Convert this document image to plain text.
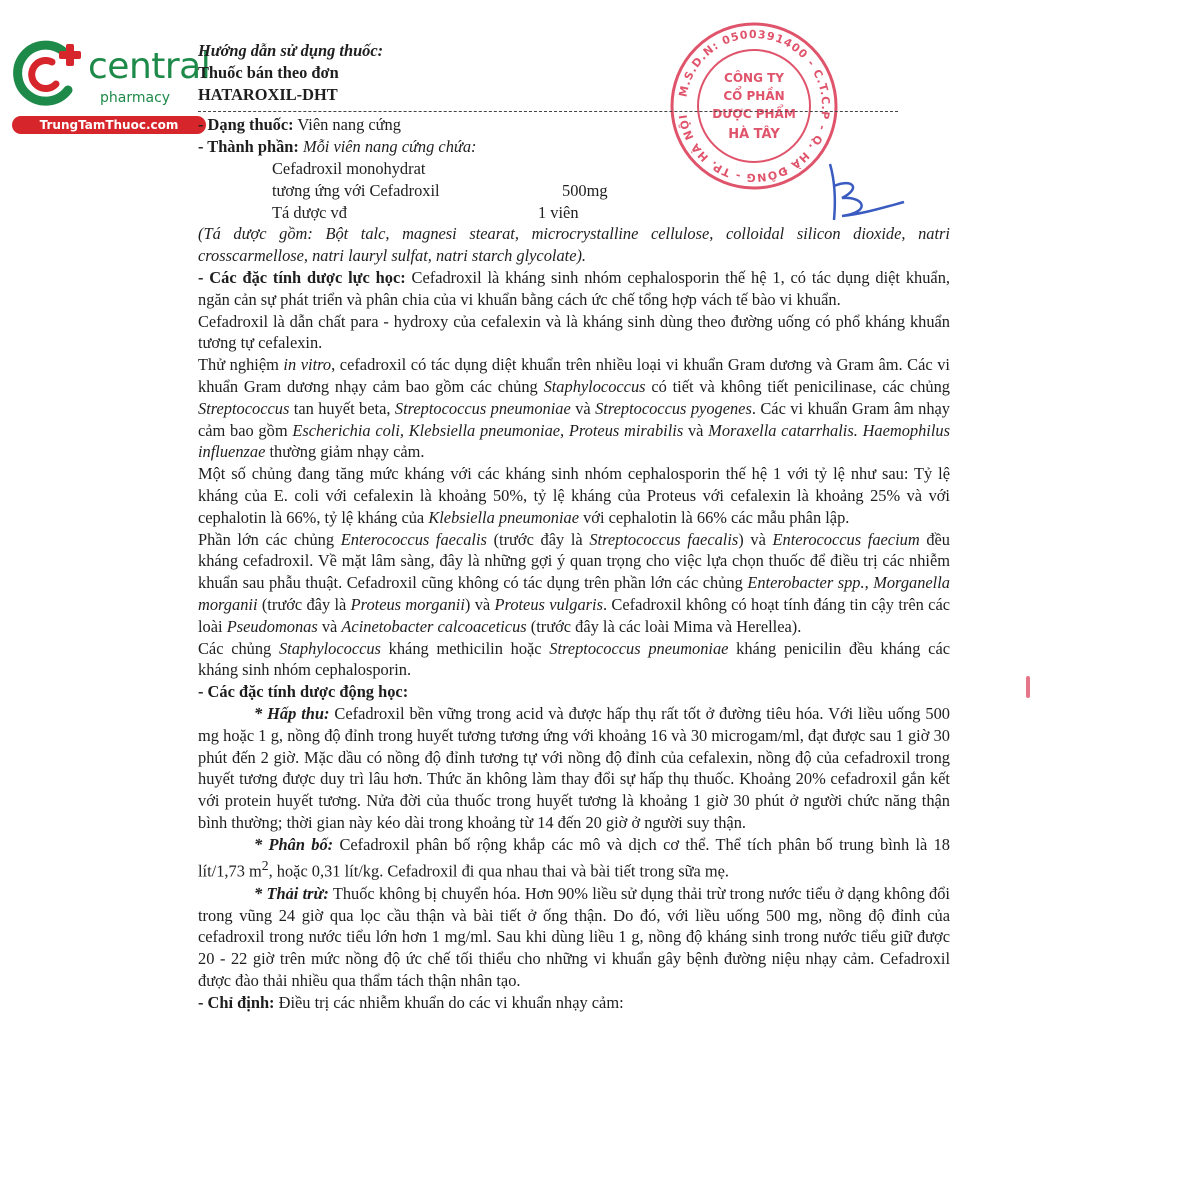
central
pharmacy
TrungTamThuoc.com
M.S.D.N: 0500391400 - C.T.C.P - Q. HÀ ĐÔNG - TP. HÀ NỘI
CÔNG TY
CỔ PHẦN
DƯỢC PHẨM
HÀ TÂY

Hướng dẫn sử dụng thuốc:

Thuốc bán theo đơn

HATAROXIL-DHT

- Dạng thuốc: Viên nang cứng

- Thành phần: Mỗi viên nang cứng chứa:

Cefadroxil monohydrat

tương ứng với Cefadroxil	500mg
Tá dược vđ	1 viên

(Tá dược gồm: Bột talc, magnesi stearat, microcrystalline cellulose, colloidal silicon dioxide, natri crosscarmellose, natri lauryl sulfat, natri starch glycolate).

- Các đặc tính dược lực học: Cefadroxil là kháng sinh nhóm cephalosporin thế hệ 1, có tác dụng diệt khuẩn, ngăn cản sự phát triển và phân chia của vi khuẩn bằng cách ức chế tổng hợp vách tế bào vi khuẩn.

Cefadroxil là dẫn chất para - hydroxy của cefalexin và là kháng sinh dùng theo đường uống có phổ kháng khuẩn tương tự cefalexin.

Thử nghiệm in vitro, cefadroxil có tác dụng diệt khuẩn trên nhiều loại vi khuẩn Gram dương và Gram âm. Các vi khuẩn Gram dương nhạy cảm bao gồm các chủng Staphylococcus có tiết và không tiết penicilinase, các chủng Streptococcus tan huyết beta, Streptococcus pneumoniae và Streptococcus pyogenes. Các vi khuẩn Gram âm nhạy cảm bao gồm Escherichia coli, Klebsiella pneumoniae, Proteus mirabilis và Moraxella catarrhalis. Haemophilus influenzae thường giảm nhạy cảm.

Một số chủng đang tăng mức kháng với các kháng sinh nhóm cephalosporin thế hệ 1 với tỷ lệ như sau: Tỷ lệ kháng của E. coli với cefalexin là khoảng 50%, tỷ lệ kháng của Proteus với cefalexin là khoảng 25% và với cephalotin là 66%, tỷ lệ kháng của Klebsiella pneumoniae với cephalotin là 66% các mẫu phân lập.

Phần lớn các chủng Enterococcus faecalis (trước đây là Streptococcus faecalis) và Enterococcus faecium đều kháng cefadroxil. Về mặt lâm sàng, đây là những gợi ý quan trọng cho việc lựa chọn thuốc để điều trị các nhiễm khuẩn sau phẫu thuật. Cefadroxil cũng không có tác dụng trên phần lớn các chủng Enterobacter spp., Morganella morganii (trước đây là Proteus morganii) và Proteus vulgaris. Cefadroxil không có hoạt tính đáng tin cậy trên các loài Pseudomonas và Acinetobacter calcoaceticus (trước đây là các loài Mima và Herellea).

Các chủng Staphylococcus kháng methicilin hoặc Streptococcus pneumoniae kháng penicilin đều kháng các kháng sinh nhóm cephalosporin.

- Các đặc tính dược động học:

* Hấp thu: Cefadroxil bền vững trong acid và được hấp thụ rất tốt ở đường tiêu hóa. Với liều uống 500 mg hoặc 1 g, nồng độ đỉnh trong huyết tương tương ứng với khoảng 16 và 30 microgam/ml, đạt được sau 1 giờ 30 phút đến 2 giờ. Mặc dầu có nồng độ đỉnh tương tự với nồng độ đỉnh của cefalexin, nồng độ của cefadroxil trong huyết tương được duy trì lâu hơn. Thức ăn không làm thay đổi sự hấp thụ thuốc. Khoảng 20% cefadroxil gắn kết với protein huyết tương. Nửa đời của thuốc trong huyết tương là khoảng 1 giờ 30 phút ở người chức năng thận bình thường; thời gian này kéo dài trong khoảng từ 14 đến 20 giờ ở người suy thận.

* Phân bố: Cefadroxil phân bố rộng khắp các mô và dịch cơ thể. Thể tích phân bố trung bình là 18 lít/1,73 $m^2$, hoặc 0,31 lít/kg. Cefadroxil đi qua nhau thai và bài tiết trong sữa mẹ.

* Thải trừ: Thuốc không bị chuyển hóa. Hơn 90% liều sử dụng thải trừ trong nước tiểu ở dạng không đổi trong vũng 24 giờ qua lọc cầu thận và bài tiết ở ống thận. Do đó, với liều uống 500 mg, nồng độ đỉnh của cefadroxil trong nước tiểu lớn hơn 1 mg/ml. Sau khi dùng liều 1 g, nồng độ kháng sinh trong nước tiểu giữ được 20 - 22 giờ trên mức nồng độ ức chế tối thiểu cho những vi khuẩn gây bệnh đường niệu nhạy cảm. Cefadroxil được đào thải nhiều qua thẩm tách thận nhân tạo.

- Chỉ định: Điều trị các nhiễm khuẩn do các vi khuẩn nhạy cảm:
